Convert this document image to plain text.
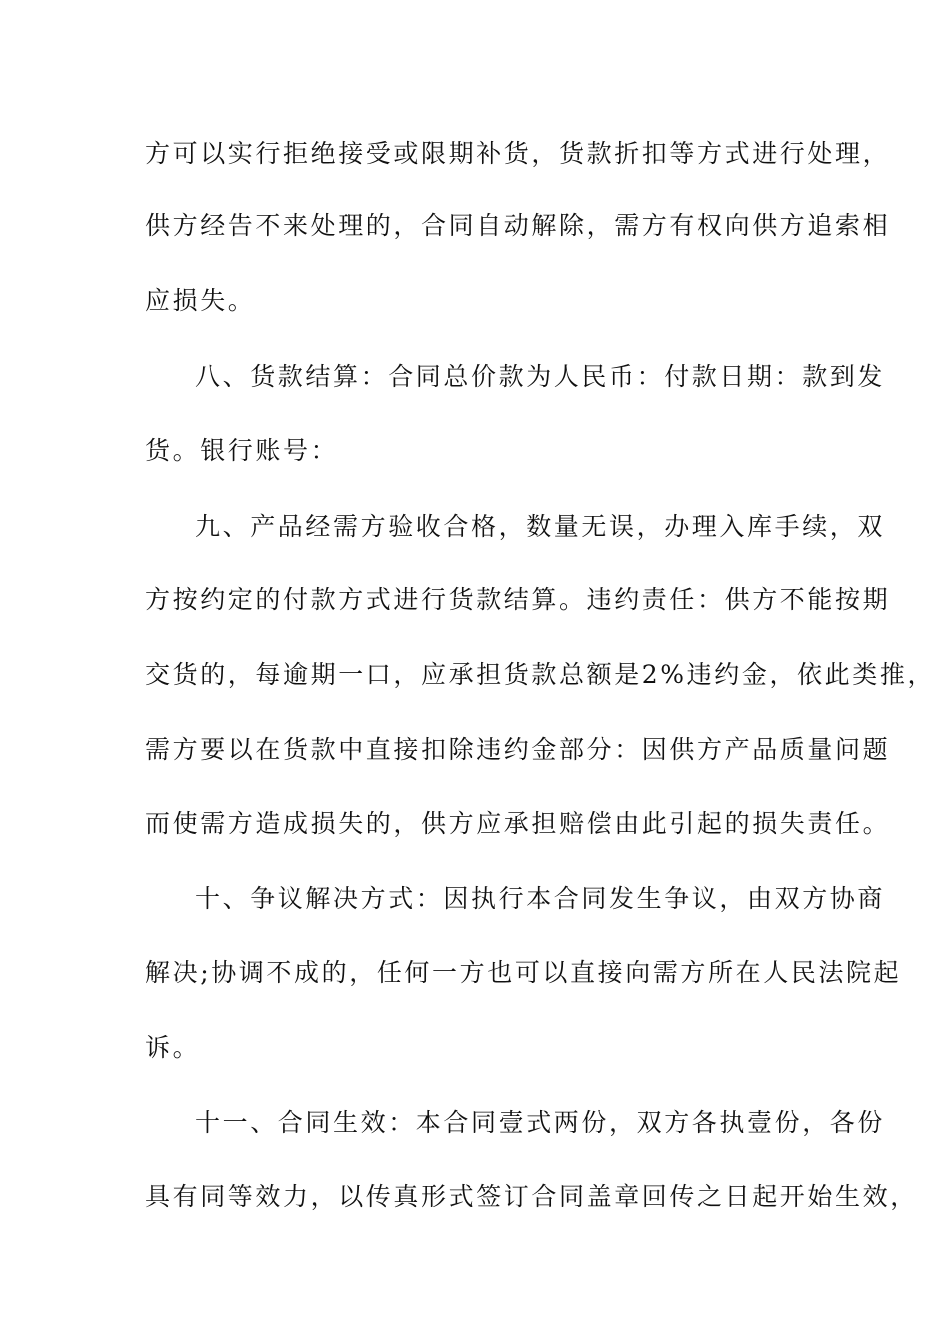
方可以实行拒绝接受或限期补货，货款折扣等方式进行处理，
供方经告不来处理的，合同自动解除，需方有权向供方追索相
应损失。
八、货款结算：合同总价款为人民币：付款日期：款到发
货。银行账号：
九、产品经需方验收合格，数量无误，办理入库手续，双
方按约定的付款方式进行货款结算。违约责任：供方不能按期
交货的，每逾期一口，应承担货款总额是2%违约金，依此类推，
需方要以在货款中直接扣除违约金部分：因供方产品质量问题
而使需方造成损失的，供方应承担赔偿由此引起的损失责任。
十、争议解决方式：因执行本合同发生争议，由双方协商
解决;协调不成的，任何一方也可以直接向需方所在人民法院起
诉。
十一、合同生效：本合同壹式两份，双方各执壹份，各份
具有同等效力，以传真形式签订合同盖章回传之日起开始生效，
